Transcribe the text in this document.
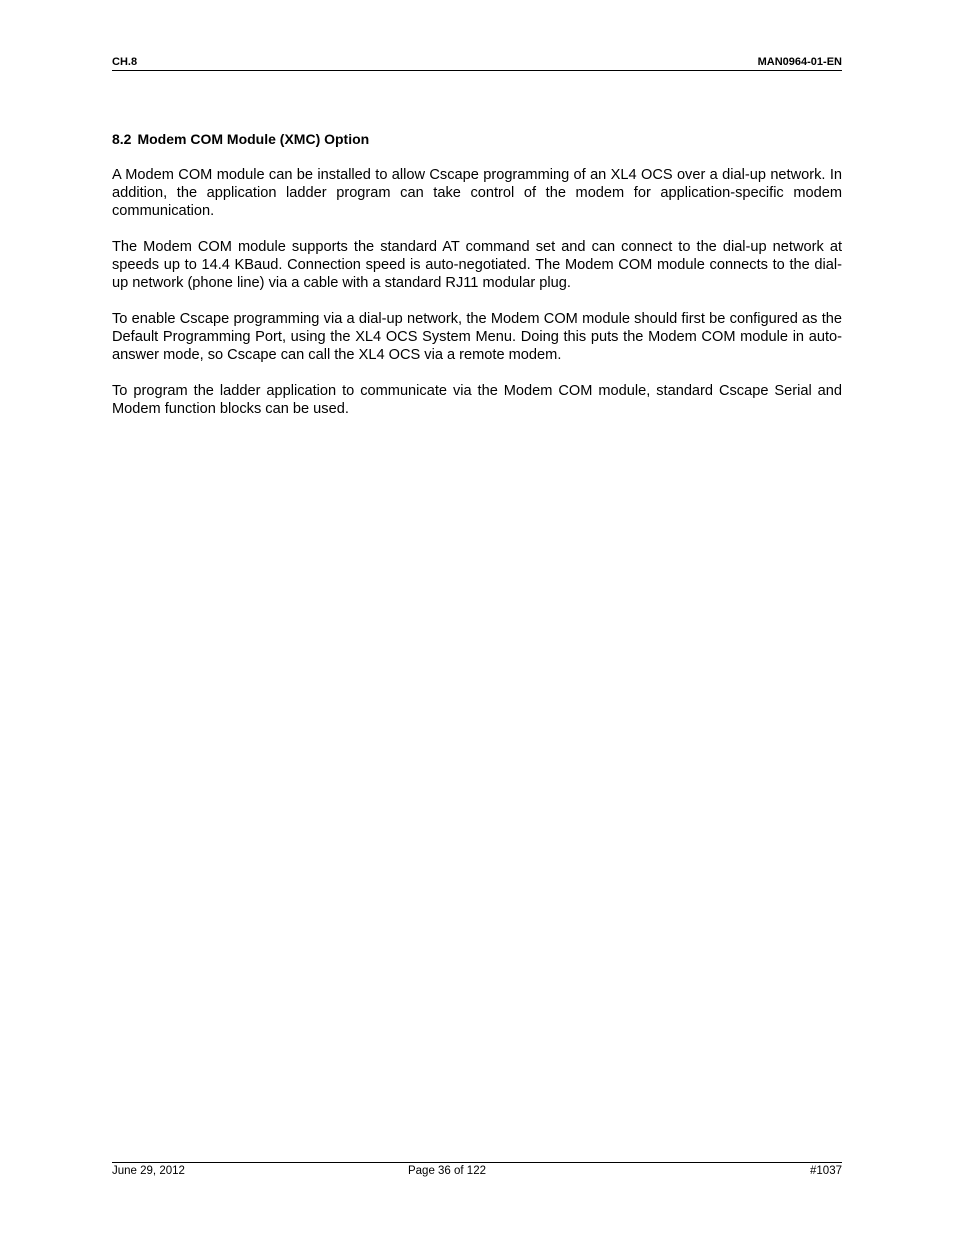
CH.8	MAN0964-01-EN
8.2 Modem COM Module (XMC) Option

A Modem COM module can be installed to allow Cscape programming of an XL4 OCS over a dial-up network. In addition, the application ladder program can take control of the modem for application-specific modem communication.

The Modem COM module supports the standard AT command set and can connect to the dial-up network at speeds up to 14.4 KBaud. Connection speed is auto-negotiated. The Modem COM module connects to the dial-up network (phone line) via a cable with a standard RJ11 modular plug.

To enable Cscape programming via a dial-up network, the Modem COM module should first be configured as the Default Programming Port, using the XL4 OCS System Menu. Doing this puts the Modem COM module in auto-answer mode, so Cscape can call the XL4 OCS via a remote modem.

To program the ladder application to communicate via the Modem COM module, standard Cscape Serial and Modem function blocks can be used.

June 29, 2012	Page 36 of 122	#1037
